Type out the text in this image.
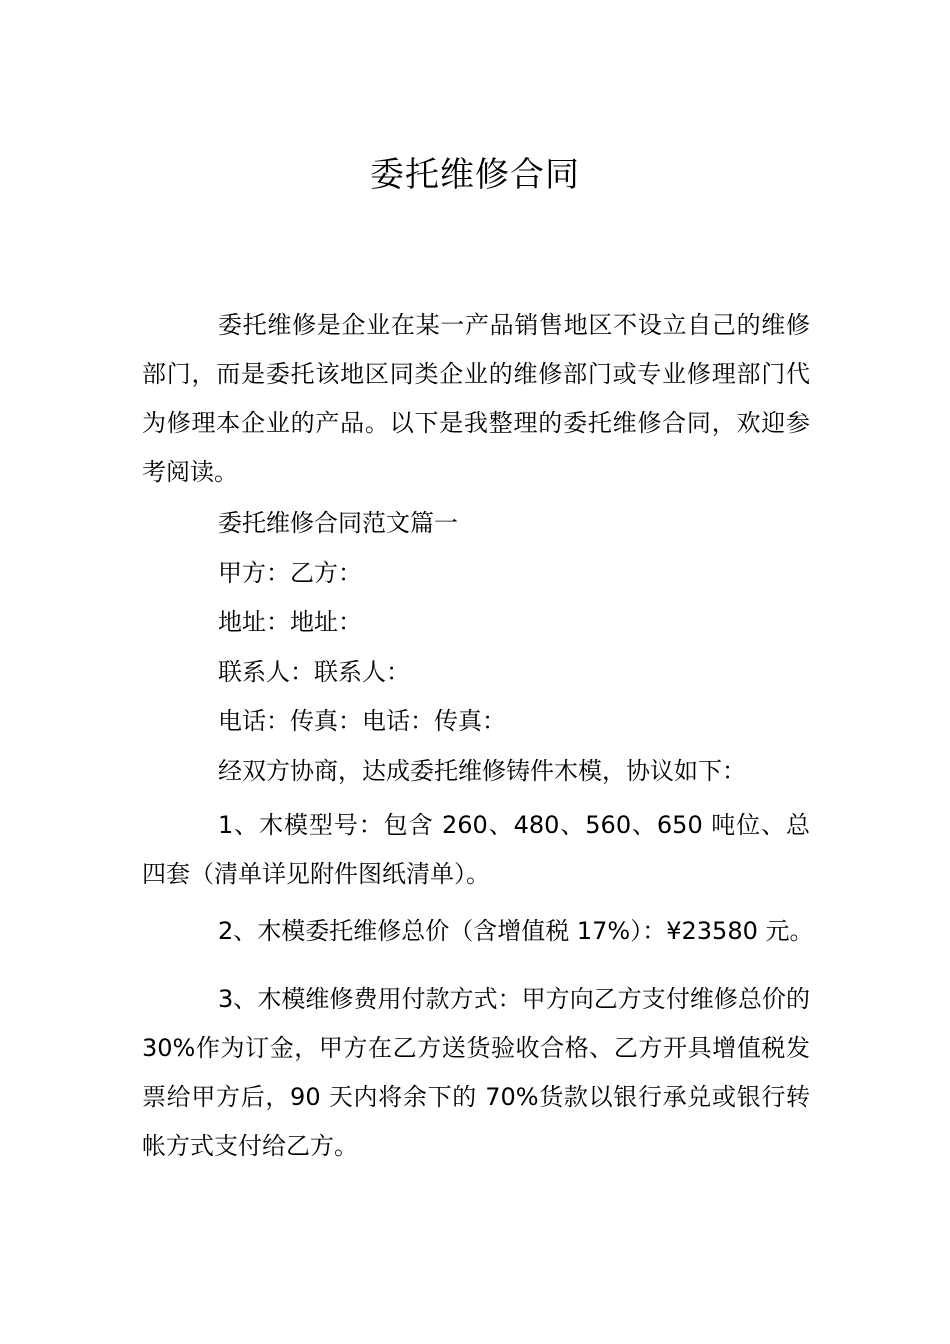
委托维修合同

委托维修是企业在某一产品销售地区不设立自己的维修部门，而是委托该地区同类企业的维修部门或专业修理部门代为修理本企业的产品。以下是我整理的委托维修合同，欢迎参考阅读。

委托维修合同范文篇一

甲方：乙方：

地址：地址：

联系人：联系人：

电话：传真：电话：传真：

经双方协商，达成委托维修铸件木模，协议如下：

1、木模型号：包含 260、480、560、650 吨位、总四套（清单详见附件图纸清单）。

2、木模委托维修总价（含增值税 17%）：¥23580 元。

3、木模维修费用付款方式：甲方向乙方支付维修总价的 30%作为订金，甲方在乙方送货验收合格、乙方开具增值税发票给甲方后，90 天内将余下的 70%货款以银行承兑或银行转帐方式支付给乙方。
